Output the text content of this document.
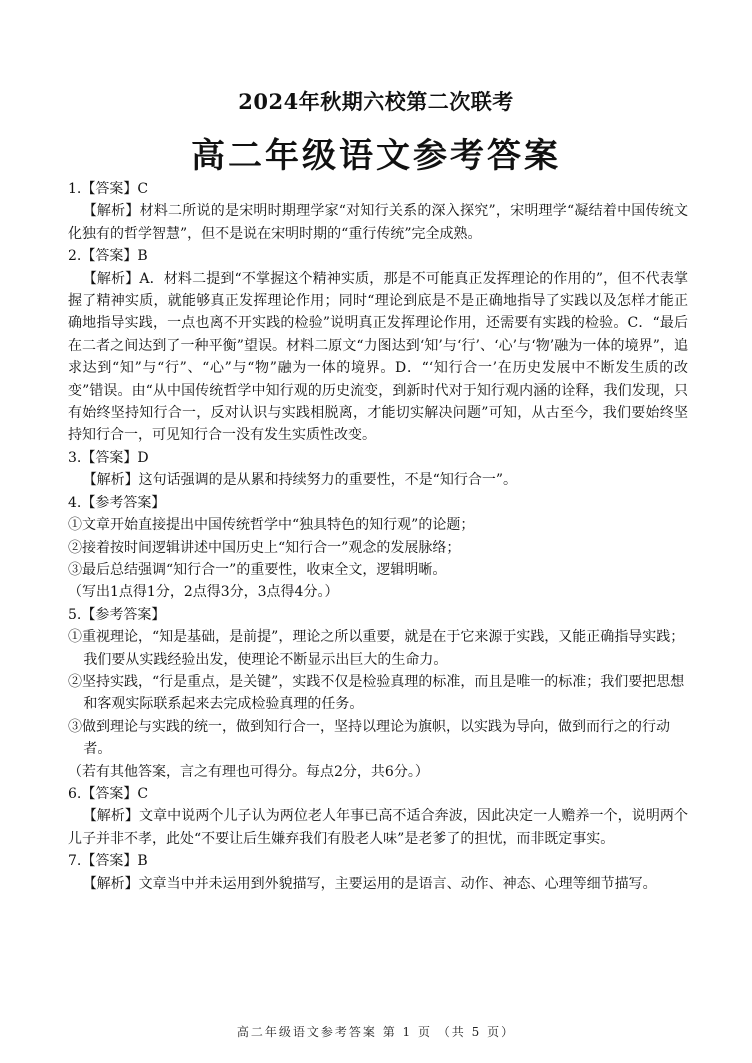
2024年秋期六校第二次联考
高二年级语文参考答案

1.【答案】C

【解析】材料二所说的是宋明时期理学家“对知行关系的深入探究”，宋明理学“凝结着中国传统文化独有的哲学智慧”，但不是说在宋明时期的“重行传统”完全成熟。

2.【答案】B

【解析】A．材料二提到“不掌握这个精神实质，那是不可能真正发挥理论的作用的”，但不代表掌握了精神实质，就能够真正发挥理论作用；同时“理论到底是不是正确地指导了实践以及怎样才能正确地指导实践，一点也离不开实践的检验”说明真正发挥理论作用，还需要有实践的检验。C．“最后在二者之间达到了一种平衡”望误。材料二原文“力图达到‘知’与‘行’、‘心’与‘物’融为一体的境界”，追求达到“知”与“行”、“心”与“物”融为一体的境界。D．“‘知行合一’在历史发展中不断发生质的改变”错误。由“从中国传统哲学中知行观的历史流变，到新时代对于知行观内涵的诠释，我们发现，只有始终坚持知行合一，反对认识与实践相脱离，才能切实解决问题”可知，从古至今，我们要始终坚持知行合一，可见知行合一没有发生实质性改变。

3.【答案】D

【解析】这句话强调的是从累和持续努力的重要性，不是“知行合一”。

4.【参考答案】

①文章开始直接提出中国传统哲学中“独具特色的知行观”的论题；

②接着按时间逻辑讲述中国历史上“知行合一”观念的发展脉络；

③最后总结强调“知行合一”的重要性，收束全文，逻辑明晰。

（写出1点得1分，2点得3分，3点得4分。）

5.【参考答案】

①重视理论，“知是基础，是前提”，理论之所以重要，就是在于它来源于实践，又能正确指导实践；我们要从实践经验出发，使理论不断显示出巨大的生命力。

②坚持实践，“行是重点，是关键”，实践不仅是检验真理的标准，而且是唯一的标准；我们要把思想和客观实际联系起来去完成检验真理的任务。

③做到理论与实践的统一，做到知行合一，坚持以理论为旗帜，以实践为导向，做到而行之的行动者。

（若有其他答案，言之有理也可得分。每点2分，共6分。）

6.【答案】C

【解析】文章中说两个儿子认为两位老人年事已高不适合奔波，因此决定一人赡养一个，说明两个儿子并非不孝，此处“不要让后生嫌弃我们有股老人味”是老爹了的担忧，而非既定事实。

7.【答案】B

【解析】文章当中并未运用到外貌描写，主要运用的是语言、动作、神态、心理等细节描写。

高二年级语文参考答案 第 1 页 （共 5 页）
